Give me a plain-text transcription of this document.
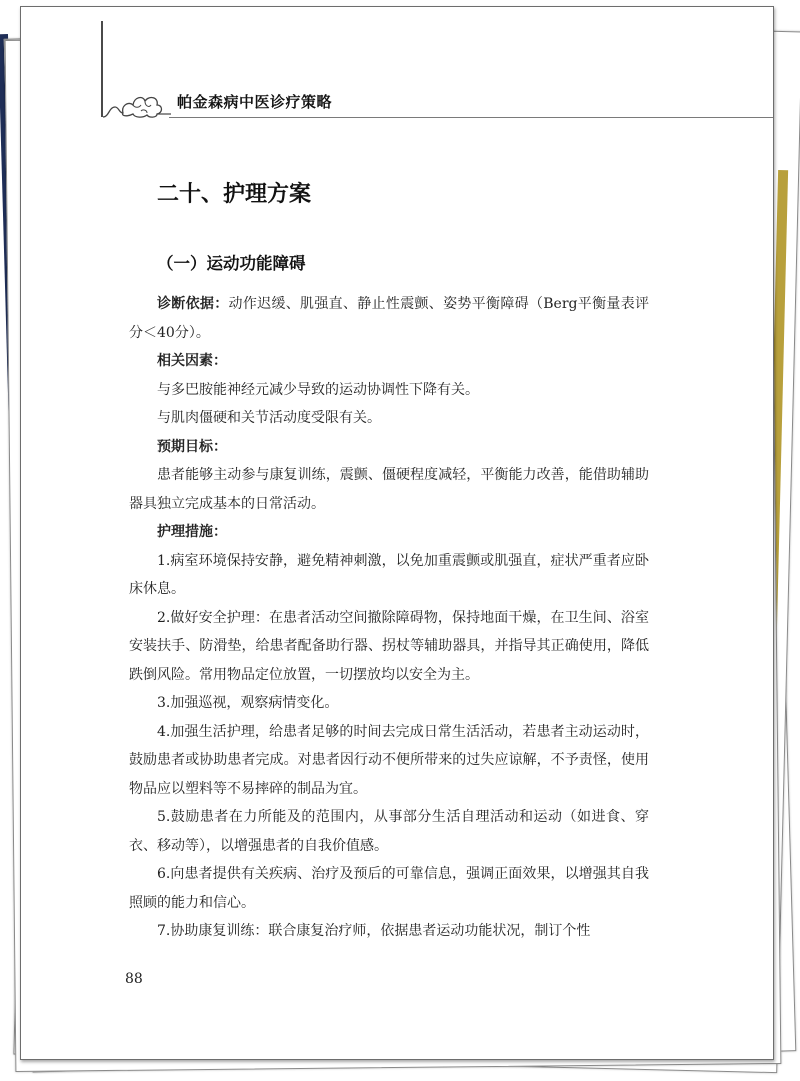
帕金森病中医诊疗策略
二十、护理方案
（一）运动功能障碍

诊断依据：动作迟缓、肌强直、静止性震颤、姿势平衡障碍（Berg平衡量表评分＜40分）。

相关因素：

与多巴胺能神经元减少导致的运动协调性下降有关。

与肌肉僵硬和关节活动度受限有关。

预期目标：

患者能够主动参与康复训练，震颤、僵硬程度减轻，平衡能力改善，能借助辅助器具独立完成基本的日常活动。

护理措施：

1.病室环境保持安静，避免精神刺激，以免加重震颤或肌强直，症状严重者应卧床休息。

2.做好安全护理：在患者活动空间撤除障碍物，保持地面干燥，在卫生间、浴室安装扶手、防滑垫，给患者配备助行器、拐杖等辅助器具，并指导其正确使用，降低跌倒风险。常用物品定位放置，一切摆放均以安全为主。

3.加强巡视，观察病情变化。

4.加强生活护理，给患者足够的时间去完成日常生活活动，若患者主动运动时，鼓励患者或协助患者完成。对患者因行动不便所带来的过失应谅解，不予责怪，使用物品应以塑料等不易摔碎的制品为宜。

5.鼓励患者在力所能及的范围内，从事部分生活自理活动和运动（如进食、穿衣、移动等），以增强患者的自我价值感。

6.向患者提供有关疾病、治疗及预后的可靠信息，强调正面效果，以增强其自我照顾的能力和信心。

7.协助康复训练：联合康复治疗师，依据患者运动功能状况，制订个性

88
